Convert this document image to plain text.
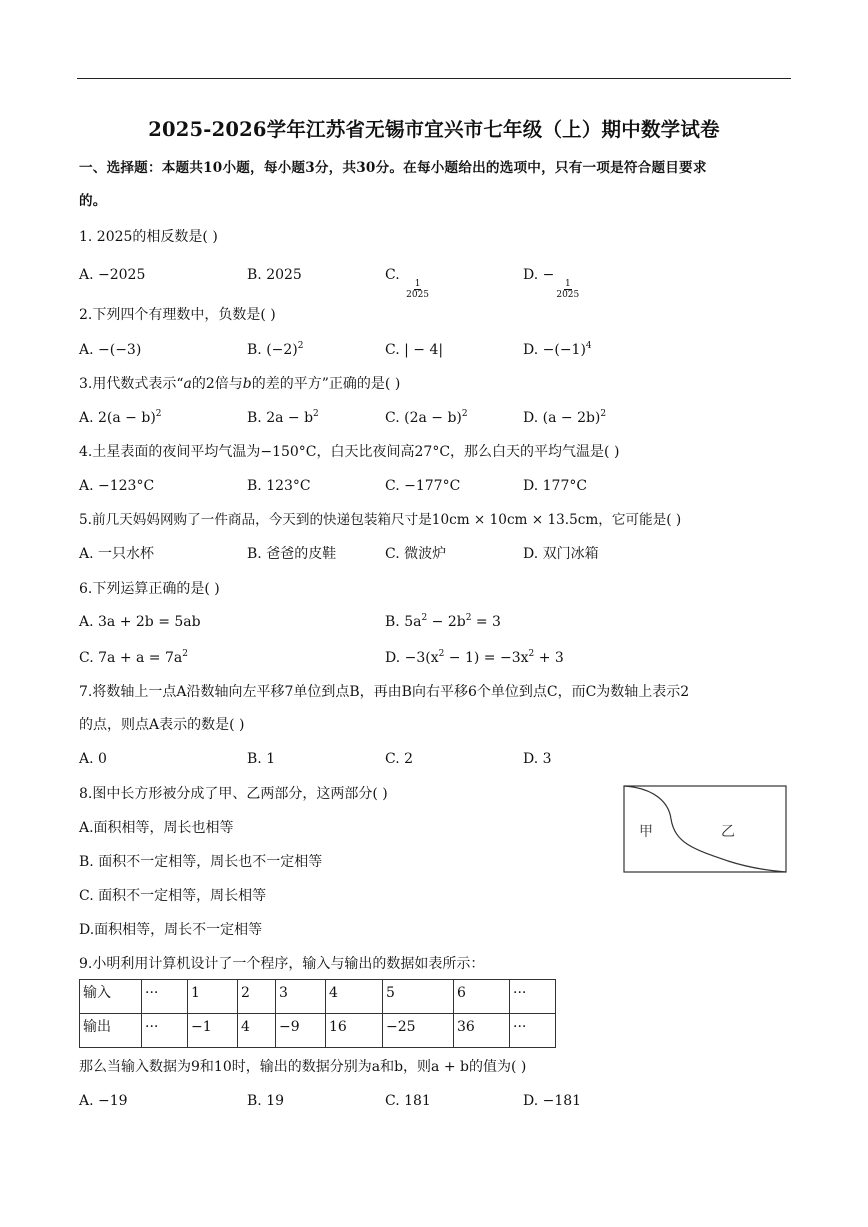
2025-2026学年江苏省无锡市宜兴市七年级（上）期中数学试卷
一、选择题：本题共10小题，每小题3分，共30分。在每小题给出的选项中，只有一项是符合题目要求
的。
1. 2025的相反数是( )
A. −2025	B. 2025	C.
$\frac{1}{2025}$
D. −
$\frac{1}{2025}$
2.下列四个有理数中，负数是( )
A. −(−3)	B. $(-2)^2$	C. | − 4|	D. $-(-1)^4$
3.用代数式表示“a的2倍与b的差的平方”正确的是( )
A. $2(a - b)^2$	B. $2a - b^2$	C. $(2a - b)^2$	D. $(a - 2b)^2$
4.土星表面的夜间平均气温为−150°C，白天比夜间高27°C，那么白天的平均气温是( )
A. −123°C	B. 123°C	C. −177°C	D. 177°C
5.前几天妈妈网购了一件商品，今天到的快递包装箱尺寸是10cm × 10cm × 13.5cm，它可能是( )
A. 一只水杯	B. 爸爸的皮鞋	C. 微波炉	D. 双门冰箱
6.下列运算正确的是( )
A. 3a + 2b = 5ab	B. $5a^2 - 2b^2 = 3$
C. $7a + a = 7a^2$	D. $-3(x^2 - 1) = -3x^2 + 3$
7.将数轴上一点A沿数轴向左平移7单位到点B，再由B向右平移6个单位到点C，而C为数轴上表示2
的点，则点A表示的数是( )
A. 0	B. 1	C. 2	D. 3
8.图中长方形被分成了甲、乙两部分，这两部分( )
A.面积相等，周长也相等
B. 面积不一定相等，周长也不一定相等
C. 面积不一定相等，周长相等
D.面积相等，周长不一定相等
甲	乙
9.小明利用计算机设计了一个程序，输入与输出的数据如表所示：
输入	···	1	2	3	4	5	6	···
输出	···	−1	4	−9	16	−25	36	···
那么当输入数据为9和10时，输出的数据分别为a和b，则a + b的值为( )
A. −19	B. 19	C. 181	D. −181
